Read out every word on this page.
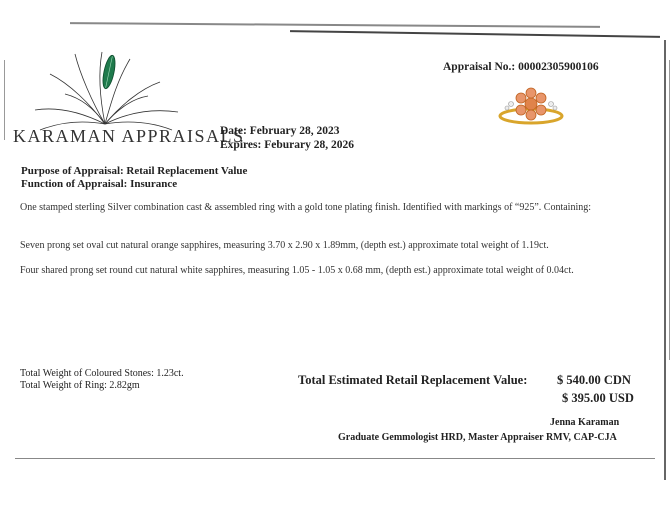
KARAMAN APPRAISALS
Appraisal No.: 00002305900106
Date: February 28, 2023
Expires: Feburary 28, 2026
Purpose of Appraisal: Retail Replacement Value
Function of Appraisal: Insurance
One stamped sterling Silver combination cast & assembled ring with a gold tone plating finish. Identified with markings of “925”. Containing:
Seven prong set oval cut natural orange sapphires, measuring 3.70 x 2.90 x 1.89mm, (depth est.) approximate total weight of 1.19ct.
Four shared prong set round cut natural white sapphires, measuring 1.05 - 1.05 x 0.68 mm, (depth est.) approximate total weight of 0.04ct.
Total Weight of Coloured Stones: 1.23ct.
Total Weight of Ring: 2.82gm	Total Estimated Retail Replacement Value: $ 540.00 CDN
$ 395.00 USD
Jenna Karaman
Graduate Gemmologist HRD, Master Appraiser RMV, CAP-CJA
